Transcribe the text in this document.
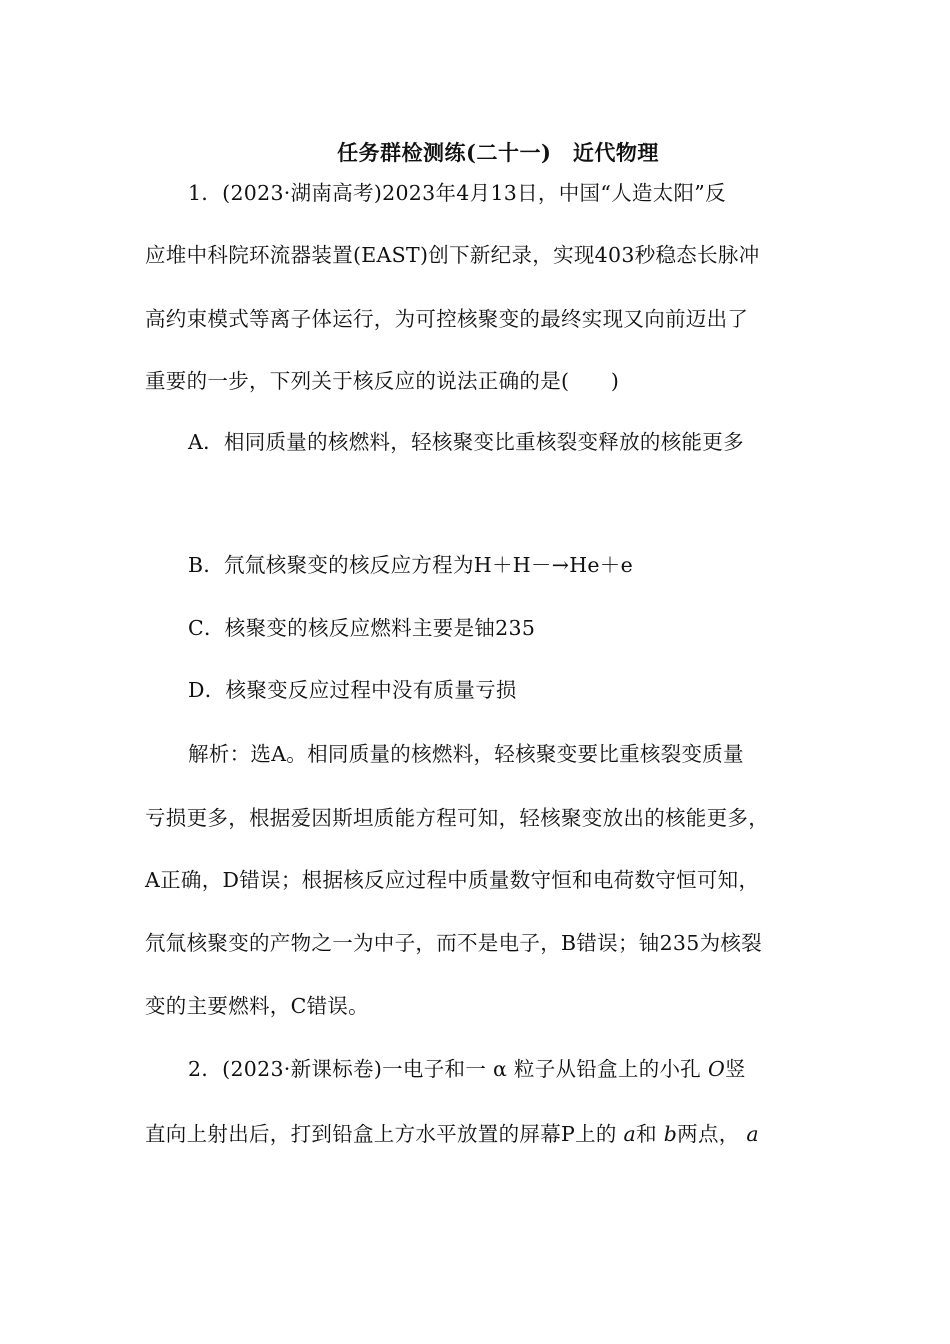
任务群检测练(二十一)　近代物理
1．(2023·湖南高考)2023年4月13日，中国“人造太阳”反
应堆中科院环流器装置(EAST)创下新纪录，实现403秒稳态长脉冲
高约束模式等离子体运行，为可控核聚变的最终实现又向前迈出了
重要的一步，下列关于核反应的说法正确的是(　　)
A．相同质量的核燃料，轻核聚变比重核裂变释放的核能更多
B．氘氚核聚变的核反应方程为H＋H－→He＋e
C．核聚变的核反应燃料主要是铀235
D．核聚变反应过程中没有质量亏损
解析：选A。相同质量的核燃料，轻核聚变要比重核裂变质量
亏损更多，根据爱因斯坦质能方程可知，轻核聚变放出的核能更多，
A正确，D错误；根据核反应过程中质量数守恒和电荷数守恒可知，
氘氚核聚变的产物之一为中子，而不是电子，B错误；铀235为核裂
变的主要燃料，C错误。
2．(2023·新课标卷)一电子和一 α 粒子从铅盒上的小孔 O竖
直向上射出后，打到铅盒上方水平放置的屏幕P上的 a和 b两点， a
